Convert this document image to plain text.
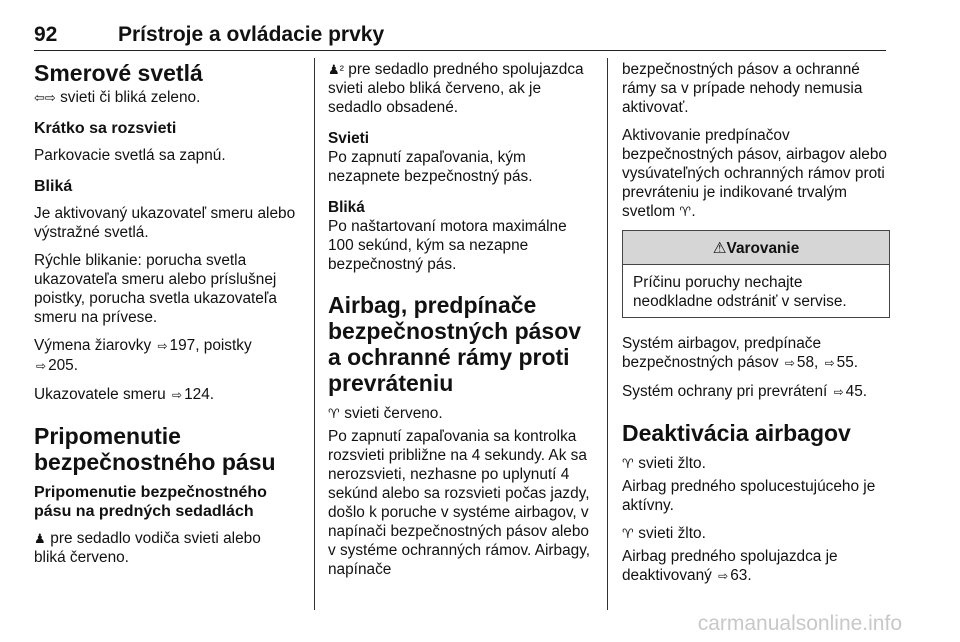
92	Prístroje a ovládacie prvky
Smerové svetlá

⇦⇨ svieti či bliká zeleno.

Krátko sa rozsvieti

Parkovacie svetlá sa zapnú.

Bliká

Je aktivovaný ukazovateľ smeru alebo výstražné svetlá.

Rýchle blikanie: porucha svetla ukazovateľa smeru alebo príslušnej poistky, porucha svetla ukazovateľa smeru na prívese.

Výmena žiarovky ⇨ 197, poistky
⇨ 205.

Ukazovatele smeru ⇨ 124.

Pripomenutie bezpečnostného pásu
Pripomenutie bezpečnostného pásu na predných sedadlách

♟ pre sedadlo vodiča svieti alebo bliká červeno.

♟² pre sedadlo predného spolujazdca svieti alebo bliká červeno, ak je sedadlo obsadené.

Svieti

Po zapnutí zapaľovania, kým nezapnete bezpečnostný pás.

Bliká

Po naštartovaní motora maximálne 100 sekúnd, kým sa nezapne bezpečnostný pás.

Airbag, predpínače bezpečnostných pásov a ochranné rámy proti prevráteniu

♈ svieti červeno.

Po zapnutí zapaľovania sa kontrolka rozsvieti približne na 4 sekundy. Ak sa nerozsvieti, nezhasne po uplynutí 4 sekúnd alebo sa rozsvieti počas jazdy, došlo k poruche v systéme airbagov, v napínači bezpečnostných pásov alebo v systéme ochranných rámov. Airbagy, napínače

bezpečnostných pásov a ochranné rámy sa v prípade nehody nemusia aktivovať.

Aktivovanie predpínačov bezpečnostných pásov, airbagov alebo vysúvateľných ochranných rámov proti prevráteniu je indikované trvalým svetlom ♈.

⚠Varovanie
Príčinu poruchy nechajte neodkladne odstrániť v servise.

Systém airbagov, predpínače bezpečnostných pásov ⇨ 58, ⇨ 55.

Systém ochrany pri prevrátení ⇨ 45.

Deaktivácia airbagov

♈ svieti žlto.

Airbag predného spolucestujúceho je aktívny.

♈ svieti žlto.

Airbag predného spolujazdca je deaktivovaný ⇨ 63.

carmanualsonline.info
